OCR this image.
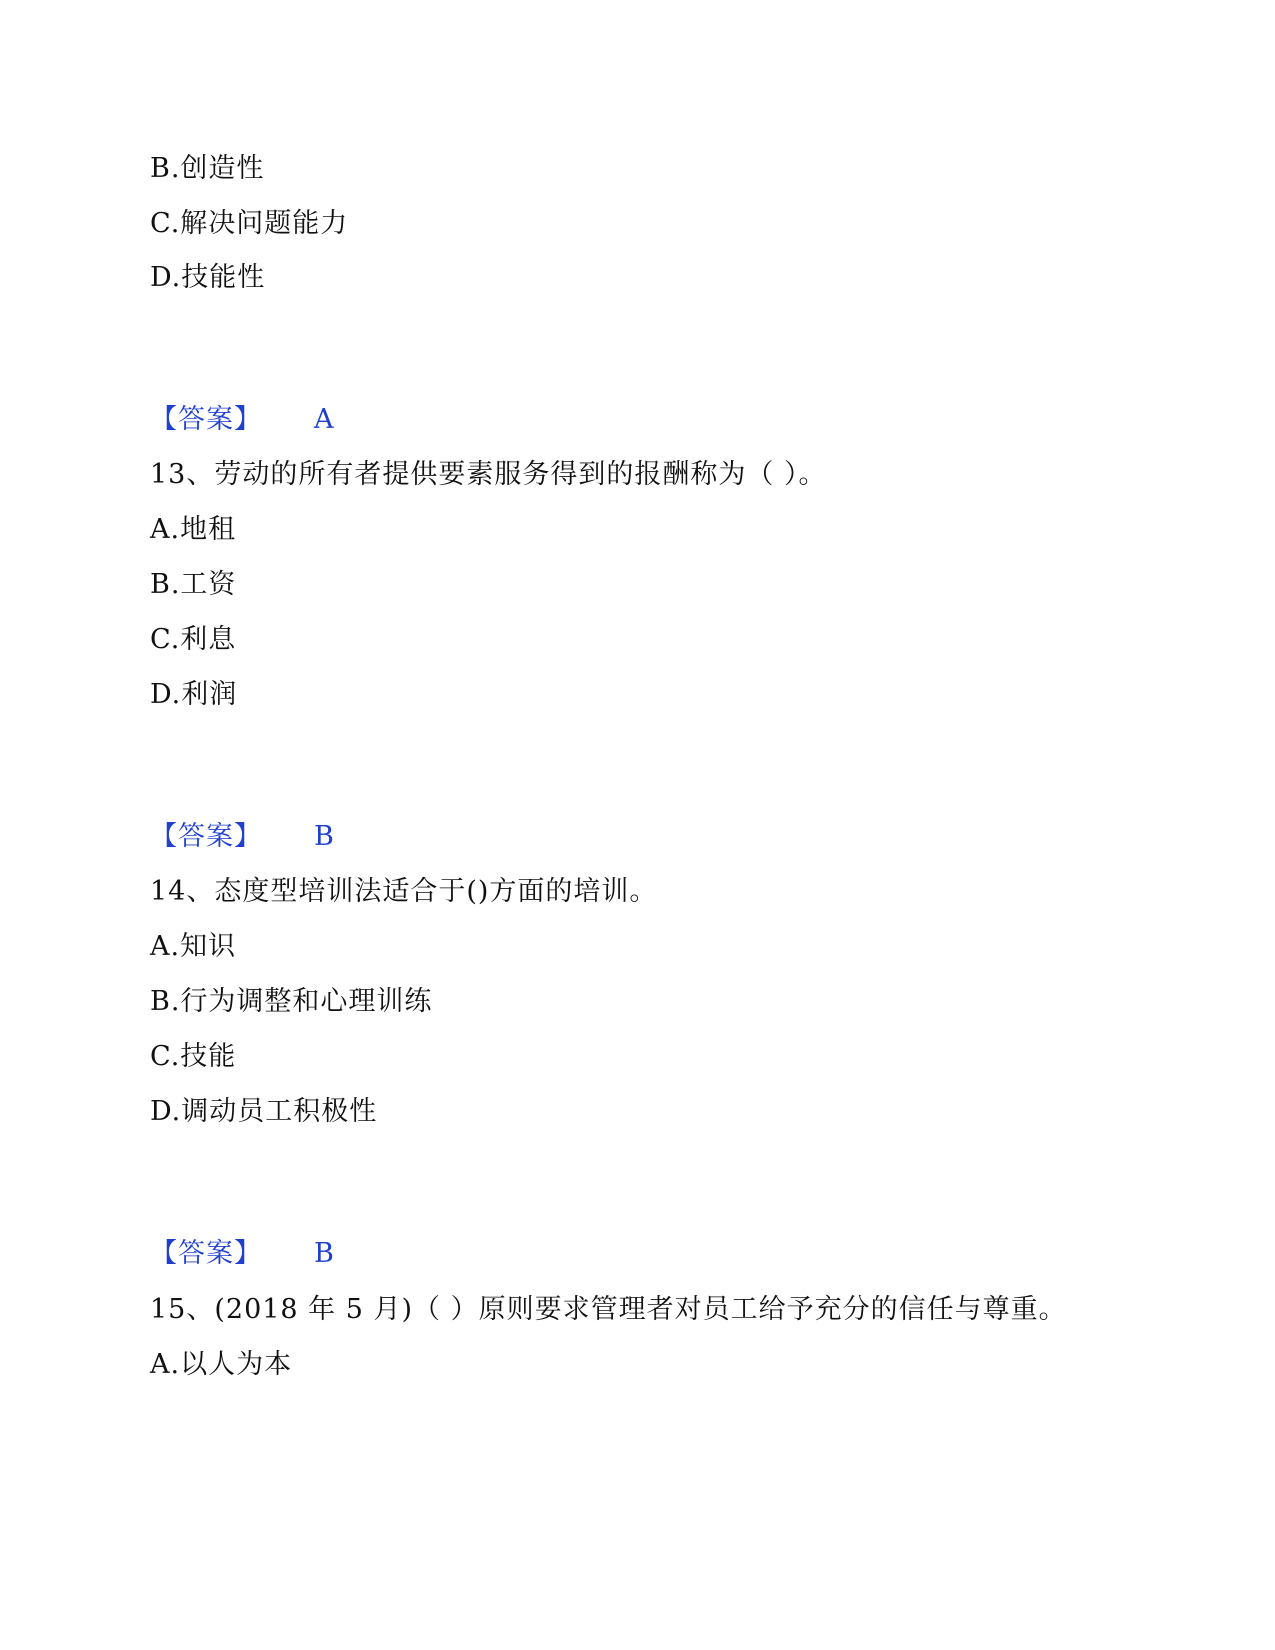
B.创造性
C.解决问题能力
D.技能性
【答案】 A
13、劳动的所有者提供要素服务得到的报酬称为（ ）。
A.地租
B.工资
C.利息
D.利润
【答案】 B
14、态度型培训法适合于()方面的培训。
A.知识
B.行为调整和心理训练
C.技能
D.调动员工积极性
【答案】 B
15、(2018 年 5 月)（ ）原则要求管理者对员工给予充分的信任与尊重。
A.以人为本
